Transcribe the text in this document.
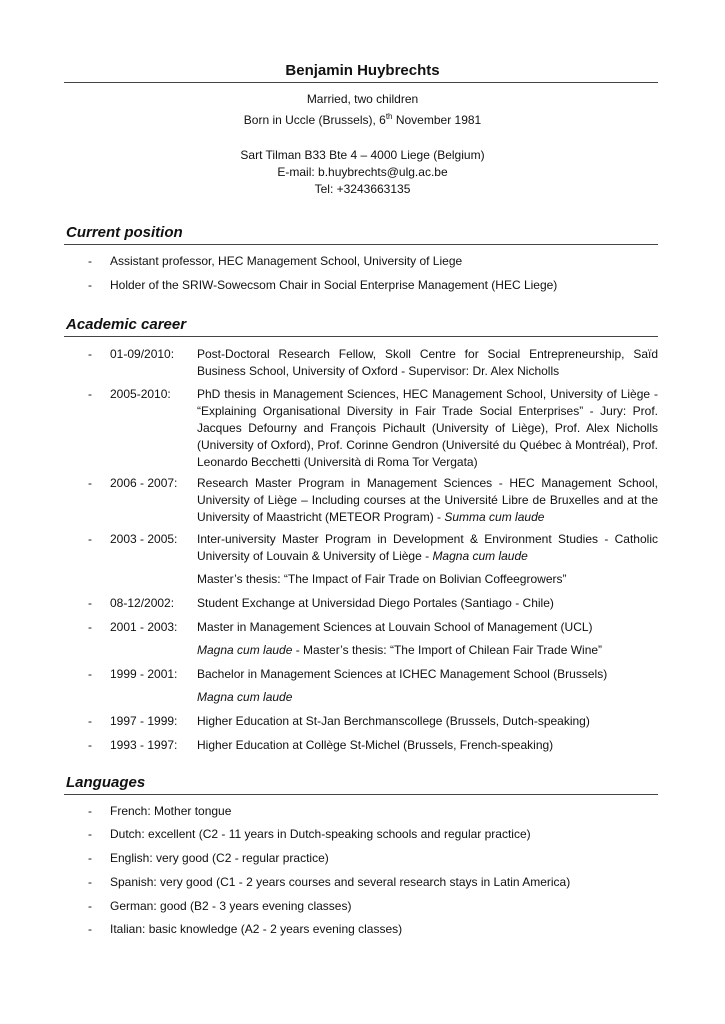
Benjamin Huybrechts
Married, two children
Born in Uccle (Brussels), 6th November 1981
Sart Tilman B33 Bte 4 – 4000 Liege (Belgium)
E-mail: b.huybrechts@ulg.ac.be
Tel: +3243663135
Current position
- Assistant professor, HEC Management School, University of Liege
- Holder of the SRIW-Sowecsom Chair in Social Enterprise Management (HEC Liege)
Academic career
- 01-09/2010: Post-Doctoral Research Fellow, Skoll Centre for Social Entrepreneurship, Saïd Business School, University of Oxford - Supervisor: Dr. Alex Nicholls
- 2005-2010: PhD thesis in Management Sciences, HEC Management School, University of Liège - “Explaining Organisational Diversity in Fair Trade Social Enterprises” - Jury: Prof. Jacques Defourny and François Pichault (University of Liège), Prof. Alex Nicholls (University of Oxford), Prof. Corinne Gendron (Université du Québec à Montréal), Prof. Leonardo Becchetti (Università di Roma Tor Vergata)
- 2006 - 2007: Research Master Program in Management Sciences - HEC Management School, University of Liège – Including courses at the Université Libre de Bruxelles and at the University of Maastricht (METEOR Program) - Summa cum laude
- 2003 - 2005: Inter-university Master Program in Development & Environment Studies - Catholic University of Louvain & University of Liège - Magna cum laude
Master’s thesis: “The Impact of Fair Trade on Bolivian Coffeegrowers”
- 08-12/2002: Student Exchange at Universidad Diego Portales (Santiago - Chile)
- 2001 - 2003: Master in Management Sciences at Louvain School of Management (UCL)
Magna cum laude - Master’s thesis: “The Import of Chilean Fair Trade Wine”
- 1999 - 2001: Bachelor in Management Sciences at ICHEC Management School (Brussels)
Magna cum laude
- 1997 - 1999: Higher Education at St-Jan Berchmanscollege (Brussels, Dutch-speaking)
- 1993 - 1997: Higher Education at Collège St-Michel (Brussels, French-speaking)
Languages
- French: Mother tongue
- Dutch: excellent (C2 - 11 years in Dutch-speaking schools and regular practice)
- English: very good (C2 - regular practice)
- Spanish: very good (C1 - 2 years courses and several research stays in Latin America)
- German: good (B2 - 3 years evening classes)
- Italian: basic knowledge (A2 - 2 years evening classes)
